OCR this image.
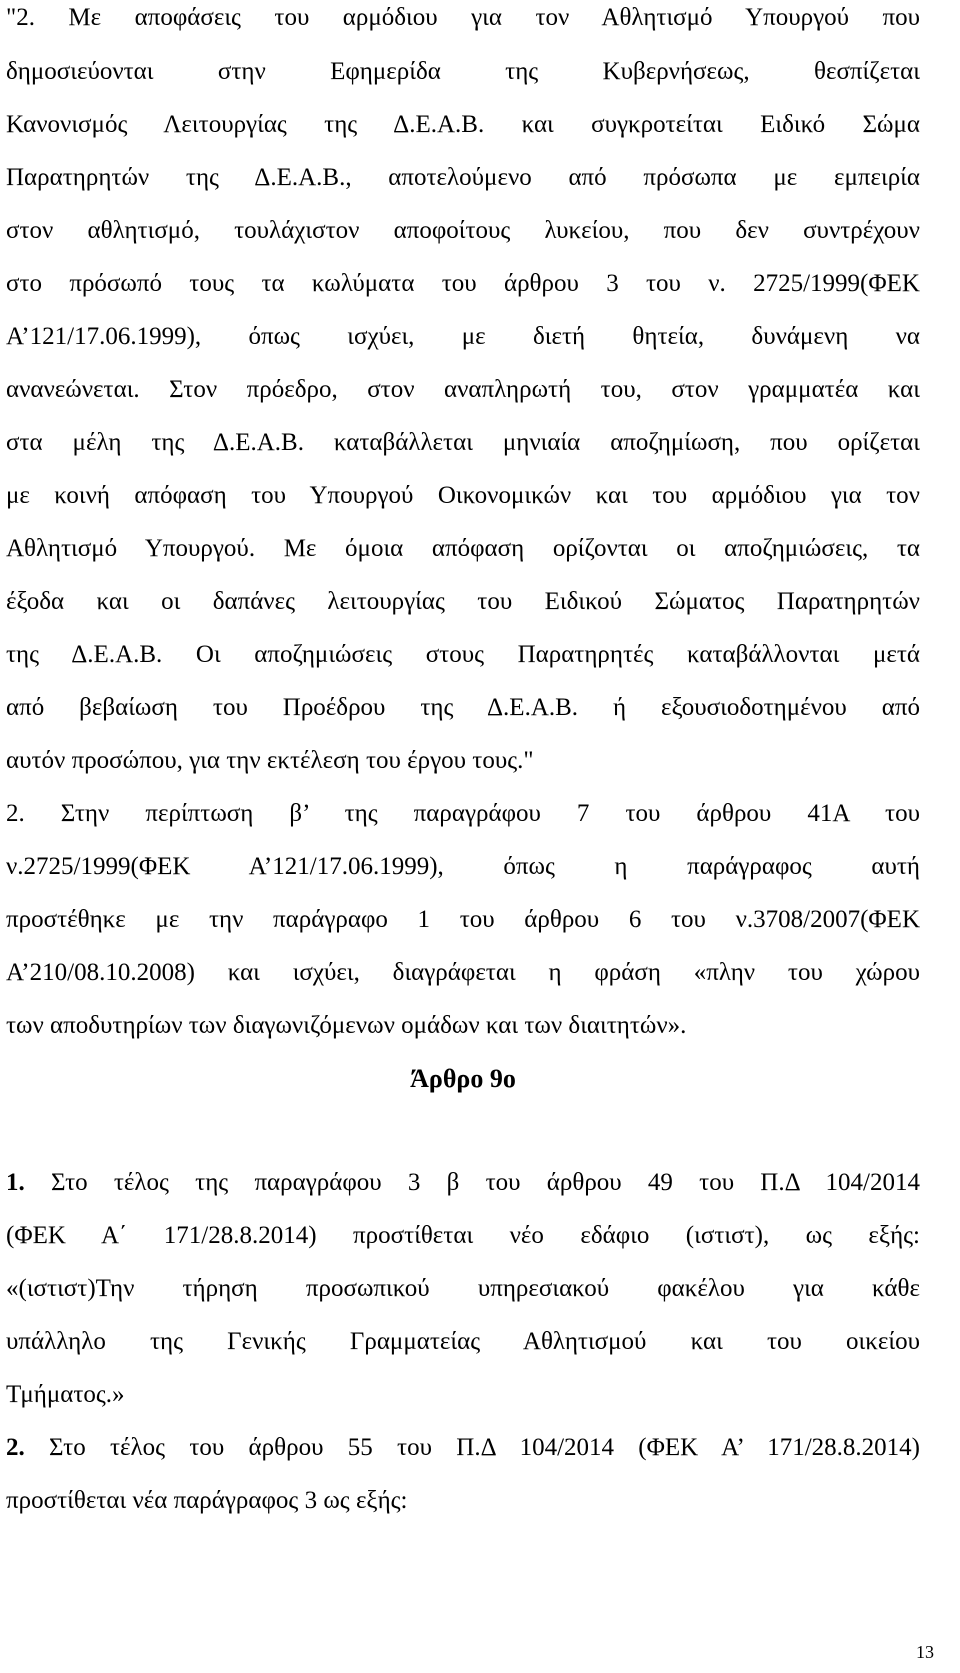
"2. Με αποφάσεις του αρμόδιου για τον Αθλητισμό Υπουργού που
δημοσιεύονται στην Εφημερίδα της Κυβερνήσεως, θεσπίζεται
Κανονισμός Λειτουργίας της Δ.Ε.Α.Β. και συγκροτείται Ειδικό Σώμα
Παρατηρητών της Δ.Ε.Α.Β., αποτελούμενο από πρόσωπα με εμπειρία
στον αθλητισμό, τουλάχιστον αποφοίτους λυκείου, που δεν συντρέχουν
στο πρόσωπό τους τα κωλύματα του άρθρου 3 του ν. 2725/1999(ΦΕΚ
Α’121/17.06.1999), όπως ισχύει, με διετή θητεία, δυνάμενη να
ανανεώνεται. Στον πρόεδρο, στον αναπληρωτή του, στον γραμματέα και
στα μέλη της Δ.Ε.Α.Β. καταβάλλεται μηνιαία αποζημίωση, που ορίζεται
με κοινή απόφαση του Υπουργού Οικονομικών και του αρμόδιου για τον
Αθλητισμό Υπουργού. Με όμοια απόφαση ορίζονται οι αποζημιώσεις, τα
έξοδα και οι δαπάνες λειτουργίας του Ειδικού Σώματος Παρατηρητών
της Δ.Ε.Α.Β. Οι αποζημιώσεις στους Παρατηρητές καταβάλλονται μετά
από βεβαίωση του Προέδρου της Δ.Ε.Α.Β. ή εξουσιοδοτημένου από
αυτόν προσώπου, για την εκτέλεση του έργου τους."
2. Στην περίπτωση β’ της παραγράφου 7 του άρθρου 41Α του
ν.2725/1999(ΦΕΚ Α’121/17.06.1999), όπως η παράγραφος αυτή
προστέθηκε με την παράγραφο 1 του άρθρου 6 του ν.3708/2007(ΦΕΚ
Α’210/08.10.2008) και ισχύει, διαγράφεται η φράση «πλην του χώρου
των αποδυτηρίων των διαγωνιζόμενων ομάδων και των διαιτητών».
Άρθρο 9ο
1. Στο τέλος της παραγράφου 3 β του άρθρου 49 του Π.Δ 104/2014
(ΦΕΚ Α΄ 171/28.8.2014) προστίθεται νέο εδάφιο (ιστιστ), ως εξής:
«(ιστιστ)Την τήρηση προσωπικού υπηρεσιακού φακέλου για κάθε
υπάλληλο της Γενικής Γραμματείας Αθλητισμού και του οικείου
Τμήματος.»
2. Στο τέλος του άρθρου 55 του Π.Δ 104/2014 (ΦΕΚ Α’ 171/28.8.2014)
προστίθεται νέα παράγραφος 3 ως εξής:
13
